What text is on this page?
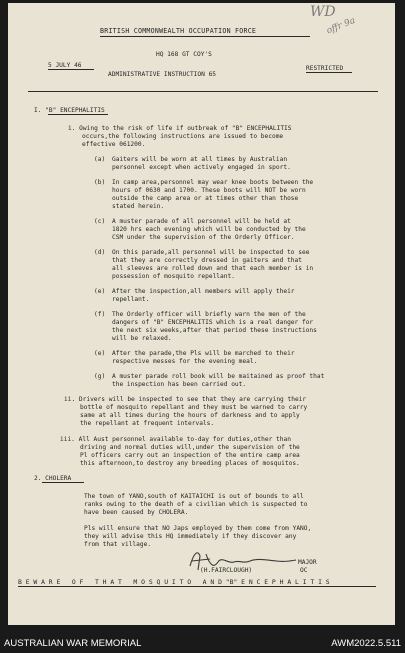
BRITISH COMMONWEALTH OCCUPATION FORCE
WD
offr 9a
HQ 168 GT COY'S
5 JULY 46
ADMINISTRATIVE INSTRUCTION 65
RESTRICTED
I. "B" ENCEPHALITIS
i. Owing to the risk of life if outbreak of "B" ENCEPHALITIS
occurs,the following instructions are issued to become
effective 061200.
(a) Gaiters will be worn at all times by Australian
personnel except when actively engaged in sport.
(b) In camp area,personnel may wear knee boots between the
hours of 0630 and 1700. These boots will NOT be worn
outside the camp area or at times other than those
stated herein.
(c) A muster parade of all personnel will be held at
1820 hrs each evening which will be conducted by the
CSM under the supervision of the Orderly Officer.
(d) On this parade,all personnel will be inspected to see
that they are correctly dressed in gaiters and that
all sleeves are rolled down and that each member is in
possession of mosquito repellant.
(e) After the inspection,all members will apply their
repellant.
(f) The Orderly officer will briefly warn the men of the
dangers of "B" ENCEPHALITIS which is a real danger for
the next six weeks,after that period these instructions
will be relaxed.
(e) After the parade,the Pls will be marched to their
respective messes for the evening meal.
(g) A muster parade roll book will be maitained as proof that
the inspection has been carried out.
ii. Drivers will be inspected to see that they are carrying their
bottle of mosquito repellant and they must be warned to carry
same at all times during the hours of darkness and to apply
the repellant at frequent intervals.
iii. All Aust personnel available to-day for duties,other than
driving and normal duties will,under the supervision of the
Pl officers carry out an inspection of the entire camp area
this afternoon,to destroy any breeding places of mosquitos.
2. CHOLERA
The town of YANO,south of KAITAICHI is out of bounds to all
ranks owing to the death of a civilian which is suspected to
have been caused by CHOLERA.
Pls will ensure that NO Japs employed by them come from YANO,
they will advise this HQ immediately if they discover any
from that village.
MAJOR
(H.FAIRCLOUGH)	OC
B E W A R E   O F   T H A T   M O S Q U I T O   A N D "B" E N C E P H A L I T I S
AUSTRALIAN WAR MEMORIAL	AWM2022.5.511
